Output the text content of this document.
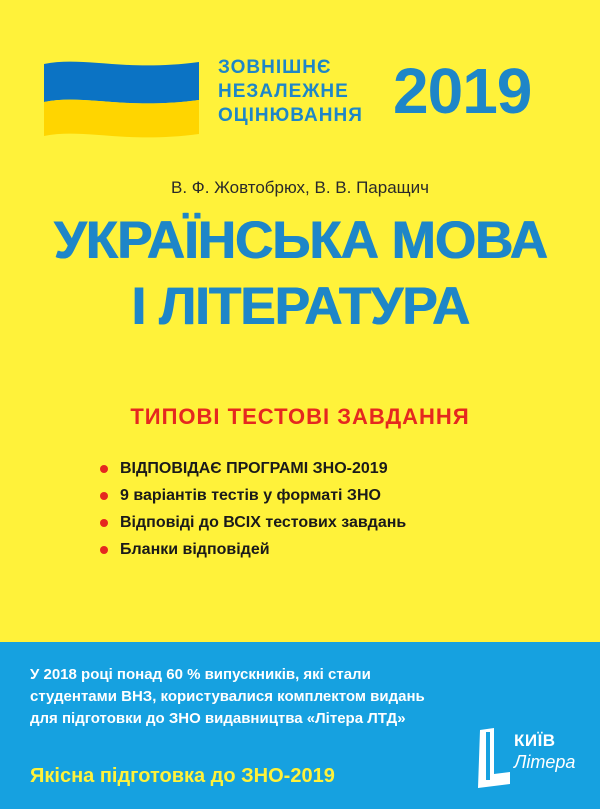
ЗОВНІШНЄ
НЕЗАЛЕЖНЕ
ОЦІНЮВАННЯ 2019
В. Ф. Жовтобрюх, В. В. Паращич
УКРАЇНСЬКА МОВА
І ЛІТЕРАТУРА
ТИПОВІ ТЕСТОВІ ЗАВДАННЯ
ВІДПОВІДАЄ ПРОГРАМІ ЗНО-2019
9 варіантів тестів у форматі ЗНО
Відповіді до ВСІХ тестових завдань
Бланки відповідей
У 2018 році понад 60 % випускників, які стали
студентами ВНЗ, користувалися комплектом видань
для підготовки до ЗНО видавництва «Літера ЛТД»
Якісна підготовка до ЗНО-2019
КИЇВ
Літера
